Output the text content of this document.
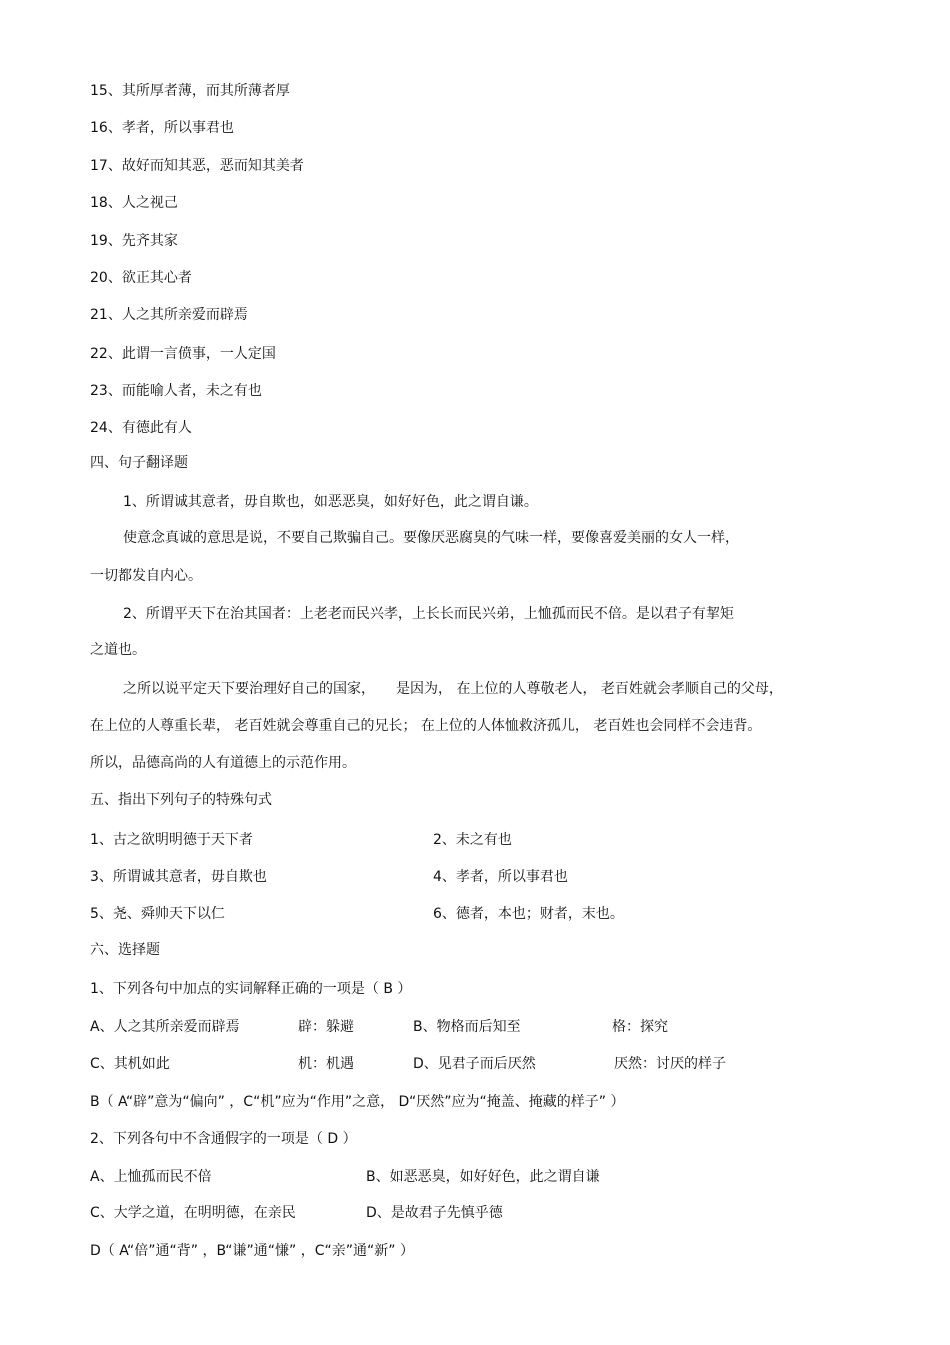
15、其所厚者薄，而其所薄者厚
16、孝者，所以事君也
17、故好而知其恶，恶而知其美者
18、人之视己
19、先齐其家
20、欲正其心者
21、人之其所亲爱而辟焉
22、此谓一言偾事，一人定国
23、而能喻人者，未之有也
24、有德此有人
四、句子翻译题
1、所谓诚其意者，毋自欺也，如恶恶臭，如好好色，此之谓自谦。
使意念真诚的意思是说，不要自己欺骗自己。要像厌恶腐臭的气味一样，要像喜爱美丽的女人一样，
一切都发自内心。
2、所谓平天下在治其国者：上老老而民兴孝，上长长而民兴弟，上恤孤而民不倍。是以君子有挈矩
之道也。
之所以说平定天下要治理好自己的国家，　　是因为， 在上位的人尊敬老人， 老百姓就会孝顺自己的父母，
在上位的人尊重长辈， 老百姓就会尊重自己的兄长； 在上位的人体恤救济孤儿， 老百姓也会同样不会违背。
所以，品德高尚的人有道德上的示范作用。
五、指出下列句子的特殊句式
1、古之欲明明德于天下者	2、未之有也
3、所谓诚其意者，毋自欺也	4、孝者，所以事君也
5、尧、舜帅天下以仁	6、德者，本也；财者，末也。
六、选择题
1、下列各句中加点的实词解释正确的一项是（ B ）
A、人之其所亲爱而辟焉	辟：躲避	B、物格而后知至	格：探究
C、其机如此	机：机遇	D、见君子而后厌然	厌然：讨厌的样子
B（ A“辟”意为“偏向” ，C“机”应为“作用”之意， D“厌然”应为“掩盖、掩藏的样子” ）
2、下列各句中不含通假字的一项是（ D ）
A、上恤孤而民不倍	B、如恶恶臭，如好好色，此之谓自谦
C、大学之道，在明明德，在亲民	D、是故君子先慎乎德
D（ A“倍”通“背” ，B“谦”通“慊” ，C“亲”通“新” ）
